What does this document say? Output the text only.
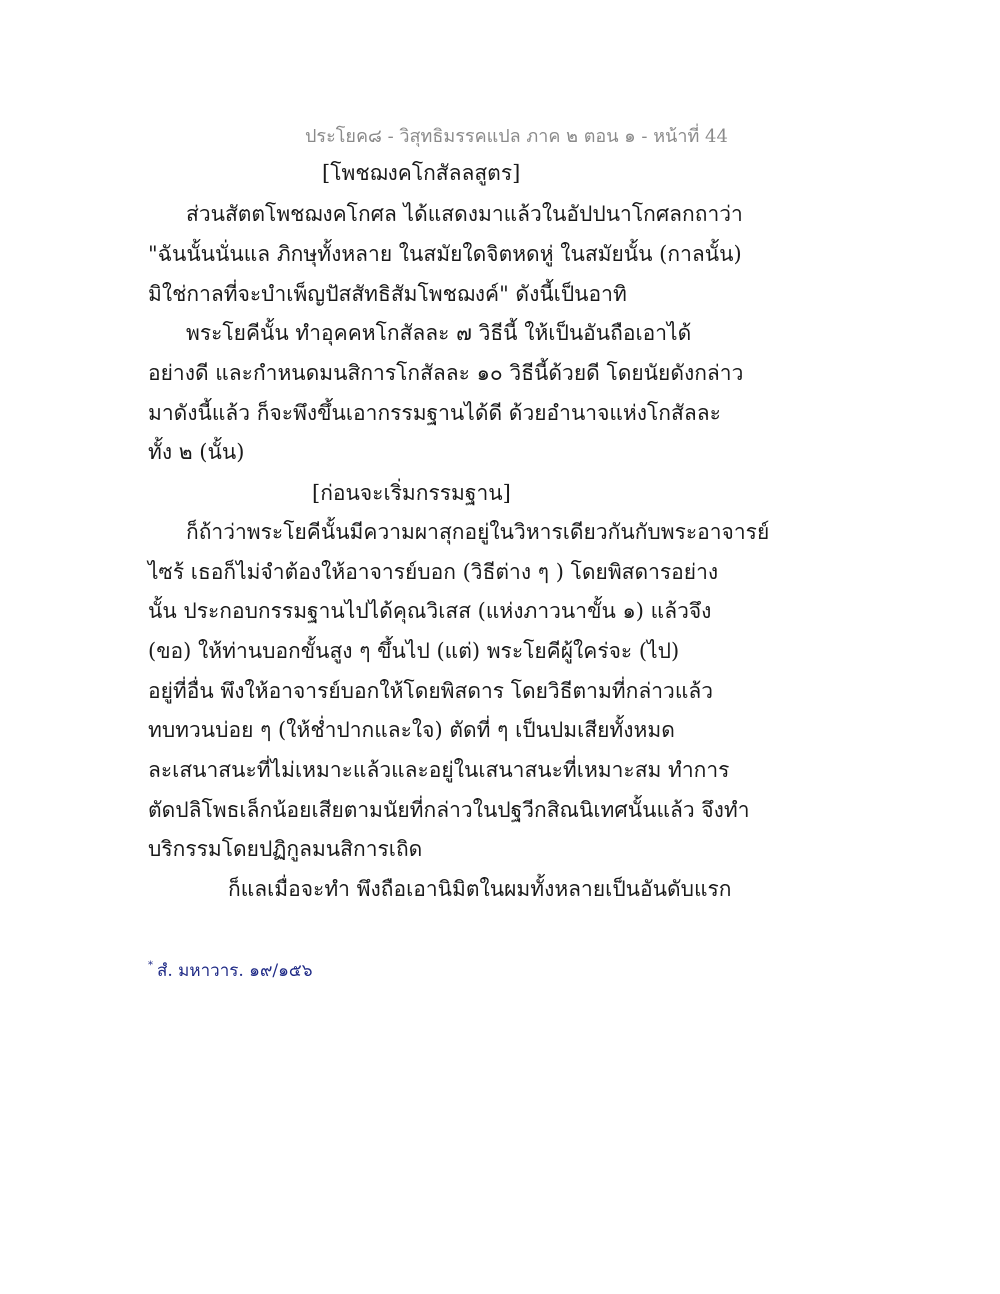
ประโยค๘ - วิสุทธิมรรคแปล ภาค ๒ ตอน ๑ - หน้าที่ 44

[โพชฌงคโกสัลลสูตร]

ส่วนสัตตโพชฌงคโกศล ได้แสดงมาแล้วในอัปปนาโกศลกถาว่า

"ฉันนั้นนั่นแล ภิกษุทั้งหลาย ในสมัยใดจิตหดหู่ ในสมัยนั้น (กาลนั้น)

มิใช่กาลที่จะบำเพ็ญปัสสัทธิสัมโพชฌงค์" ดังนี้เป็นอาทิ

พระโยคีนั้น ทำอุคคหโกสัลละ ๗ วิธีนี้ ให้เป็นอันถือเอาได้

อย่างดี และกำหนดมนสิการโกสัลละ ๑๐ วิธีนี้ด้วยดี โดยนัยดังกล่าว

มาดังนี้แล้ว ก็จะพึงขึ้นเอากรรมฐานได้ดี ด้วยอำนาจแห่งโกสัลละ

ทั้ง ๒ (นั้น)

[ก่อนจะเริ่มกรรมฐาน]

ก็ถ้าว่าพระโยคีนั้นมีความผาสุกอยู่ในวิหารเดียวกันกับพระอาจารย์

ไซร้ เธอก็ไม่จำต้องให้อาจารย์บอก (วิธีต่าง ๆ ) โดยพิสดารอย่าง

นั้น ประกอบกรรมฐานไปได้คุณวิเสส (แห่งภาวนาขั้น ๑) แล้วจึง

(ขอ) ให้ท่านบอกขั้นสูง ๆ ขึ้นไป (แต่) พระโยคีผู้ใคร่จะ (ไป)

อยู่ที่อื่น พึงให้อาจารย์บอกให้โดยพิสดาร โดยวิธีตามที่กล่าวแล้ว

ทบทวนบ่อย ๆ (ให้ช่ำปากและใจ) ตัดที่ ๆ เป็นปมเสียทั้งหมด

ละเสนาสนะที่ไม่เหมาะแล้วและอยู่ในเสนาสนะที่เหมาะสม ทำการ

ตัดปลิโพธเล็กน้อยเสียตามนัยที่กล่าวในปฐวีกสิณนิเทศนั้นแล้ว จึงทำ

บริกรรมโดยปฏิกูลมนสิการเถิด

ก็แลเมื่อจะทำ พึงถือเอานิมิตในผมทั้งหลายเป็นอันดับแรก

* สํ. มหาวาร. ๑๙/๑๕๖
